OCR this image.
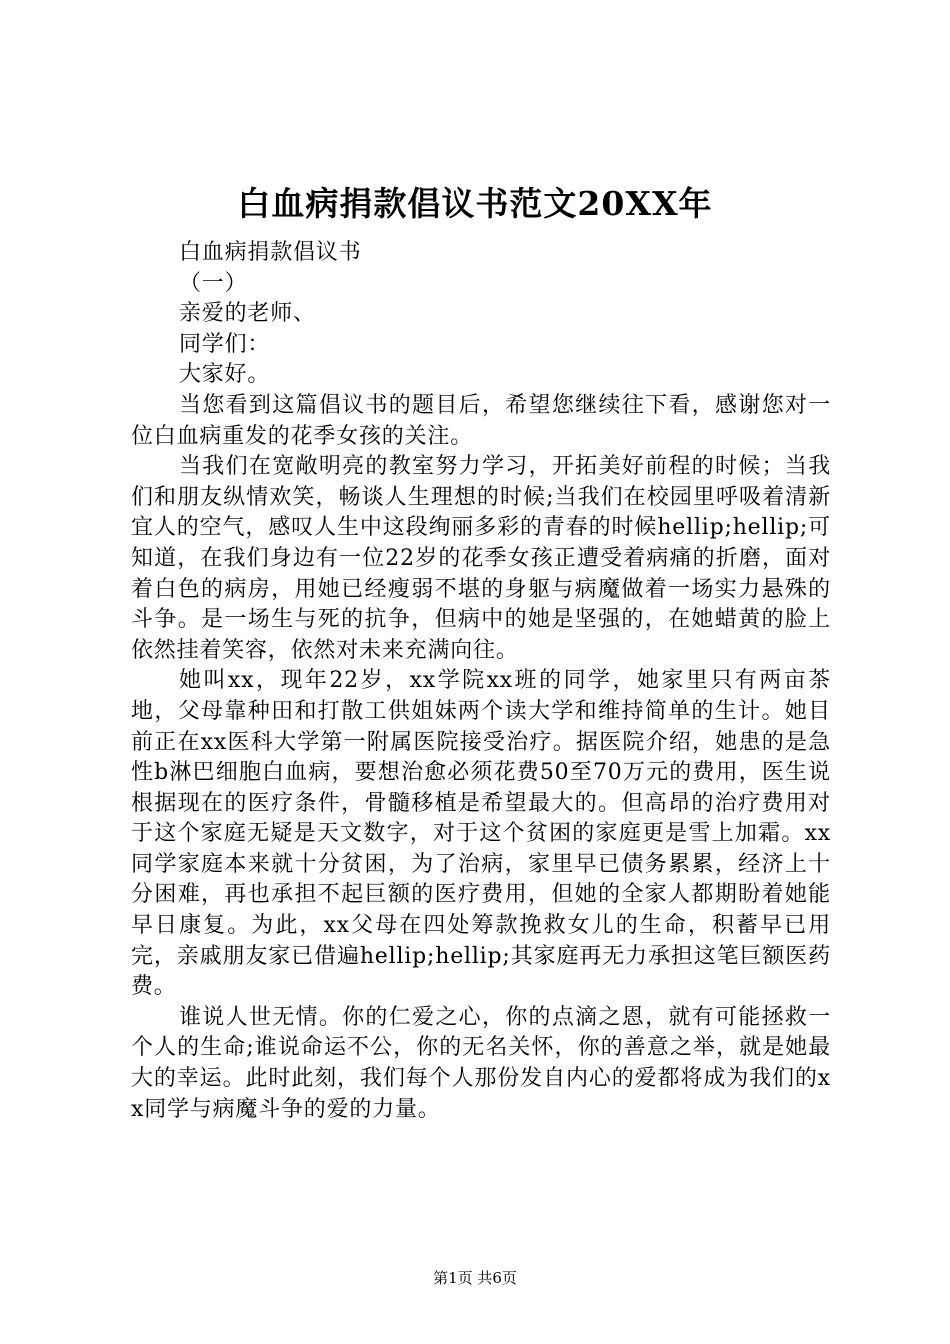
白血病捐款倡议书范文20XX年

白血病捐款倡议书

（一）

亲爱的老师、

同学们：

大家好。

当您看到这篇倡议书的题目后，希望您继续往下看，感谢您对一位白血病重发的花季女孩的关注。

当我们在宽敞明亮的教室努力学习，开拓美好前程的时候；当我们和朋友纵情欢笑，畅谈人生理想的时候;当我们在校园里呼吸着清新宜人的空气，感叹人生中这段绚丽多彩的青春的时候hellip;hellip;可知道，在我们身边有一位22岁的花季女孩正遭受着病痛的折磨，面对着白色的病房，用她已经瘦弱不堪的身躯与病魔做着一场实力悬殊的斗争。是一场生与死的抗争，但病中的她是坚强的，在她蜡黄的脸上依然挂着笑容，依然对未来充满向往。

她叫xx，现年22岁，xx学院xx班的同学，她家里只有两亩茶地，父母靠种田和打散工供姐妹两个读大学和维持简单的生计。她目前正在xx医科大学第一附属医院接受治疗。据医院介绍，她患的是急性b淋巴细胞白血病，要想治愈必须花费50至70万元的费用，医生说根据现在的医疗条件，骨髓移植是希望最大的。但高昂的治疗费用对于这个家庭无疑是天文数字，对于这个贫困的家庭更是雪上加霜。xx同学家庭本来就十分贫困，为了治病，家里早已债务累累，经济上十分困难，再也承担不起巨额的医疗费用，但她的全家人都期盼着她能早日康复。为此，xx父母在四处筹款挽救女儿的生命，积蓄早已用完，亲戚朋友家已借遍hellip;hellip;其家庭再无力承担这笔巨额医药费。

谁说人世无情。你的仁爱之心，你的点滴之恩，就有可能拯救一个人的生命;谁说命运不公，你的无名关怀，你的善意之举，就是她最大的幸运。此时此刻，我们每个人那份发自内心的爱都将成为我们的xx同学与病魔斗争的爱的力量。

第1页 共6页
